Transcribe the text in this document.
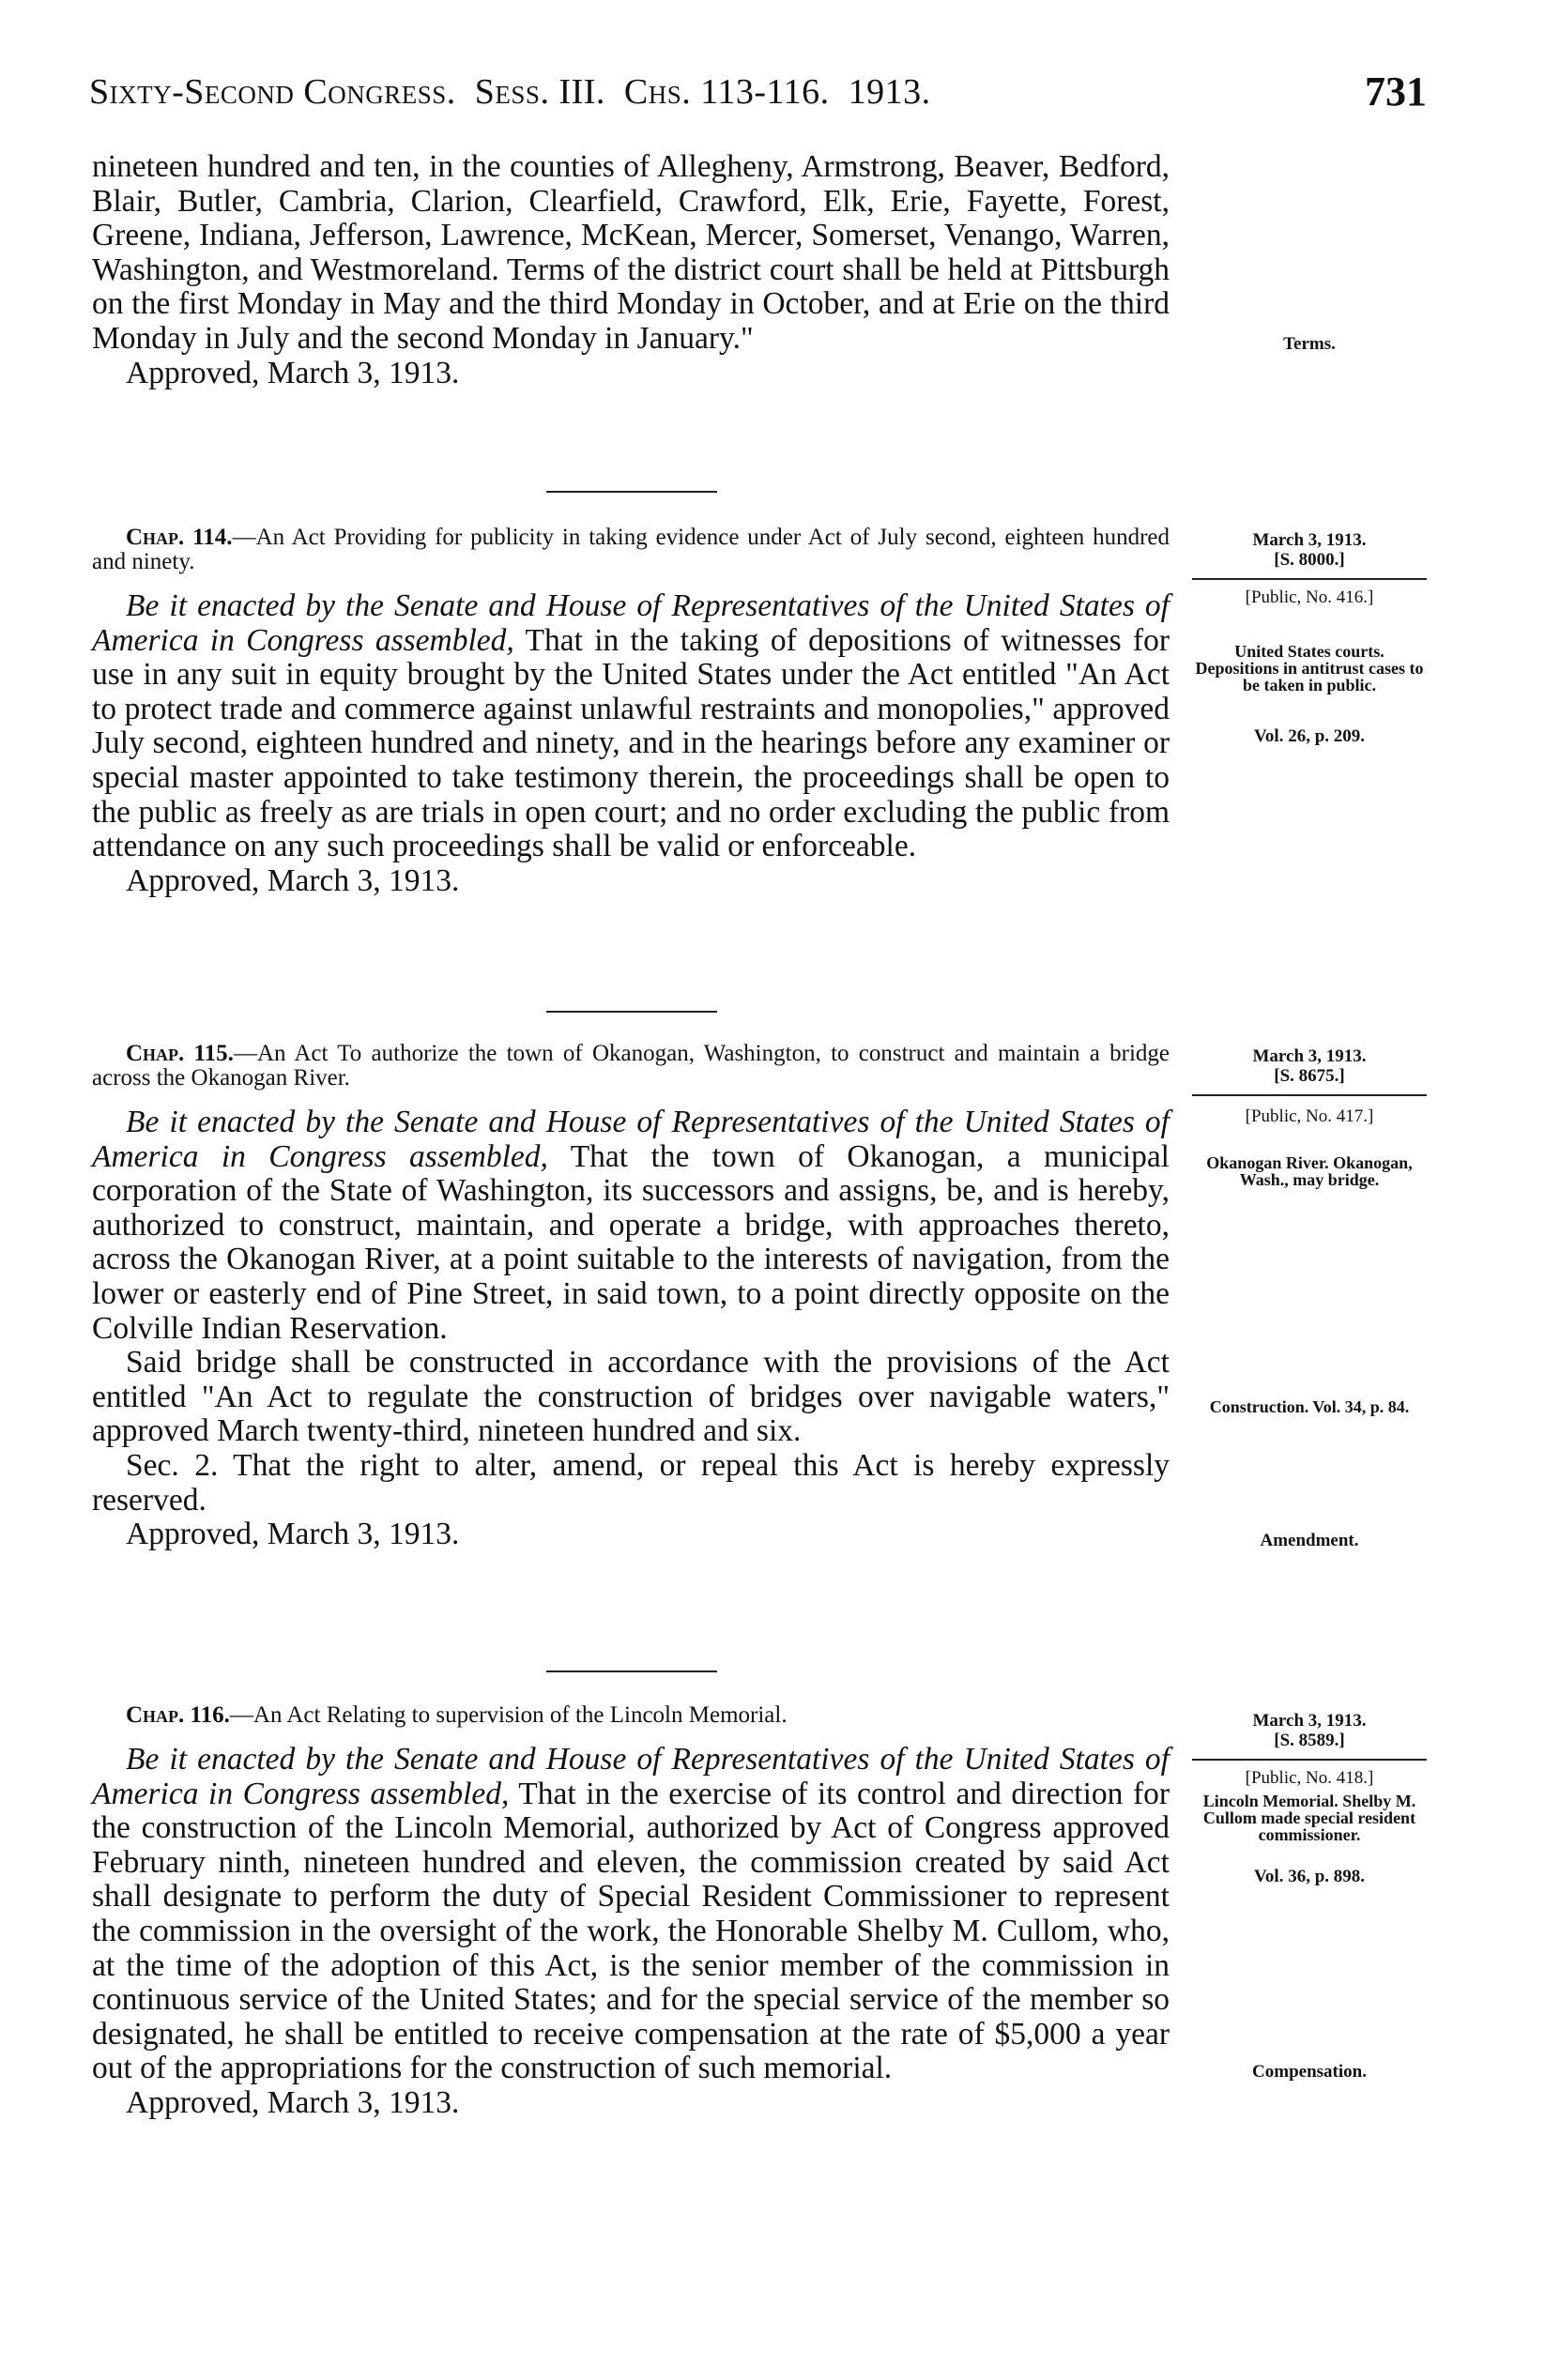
Sixty-Second Congress. Sess. III. Chs. 113-116. 1913.	731

nineteen hundred and ten, in the counties of Allegheny, Armstrong, Beaver, Bedford, Blair, Butler, Cambria, Clarion, Clearfield, Crawford, Elk, Erie, Fayette, Forest, Greene, Indiana, Jefferson, Lawrence, McKean, Mercer, Somerset, Venango, Warren, Washington, and Westmoreland. Terms of the district court shall be held at Pittsburgh on the first Monday in May and the third Monday in October, and at Erie on the third Monday in July and the second Monday in January."

Approved, March 3, 1913.

Terms.

Chap. 114.—An Act Providing for publicity in taking evidence under Act of July second, eighteen hundred and ninety.

Be it enacted by the Senate and House of Representatives of the United States of America in Congress assembled, That in the taking of depositions of witnesses for use in any suit in equity brought by the United States under the Act entitled "An Act to protect trade and commerce against unlawful restraints and monopolies," approved July second, eighteen hundred and ninety, and in the hearings before any examiner or special master appointed to take testimony therein, the proceedings shall be open to the public as freely as are trials in open court; and no order excluding the public from attendance on any such proceedings shall be valid or enforceable.

Approved, March 3, 1913.

March 3, 1913.
[S. 8000.]
[Public, No. 416.]
United States courts. Depositions in antitrust cases to be taken in public.
Vol. 26, p. 209.

Chap. 115.—An Act To authorize the town of Okanogan, Washington, to construct and maintain a bridge across the Okanogan River.

Be it enacted by the Senate and House of Representatives of the United States of America in Congress assembled, That the town of Okanogan, a municipal corporation of the State of Washington, its successors and assigns, be, and is hereby, authorized to construct, maintain, and operate a bridge, with approaches thereto, across the Okanogan River, at a point suitable to the interests of navigation, from the lower or easterly end of Pine Street, in said town, to a point directly opposite on the Colville Indian Reservation.

Said bridge shall be constructed in accordance with the provisions of the Act entitled "An Act to regulate the construction of bridges over navigable waters," approved March twenty-third, nineteen hundred and six.

Sec. 2. That the right to alter, amend, or repeal this Act is hereby expressly reserved.

Approved, March 3, 1913.

March 3, 1913.
[S. 8675.]
[Public, No. 417.]
Okanogan River. Okanogan, Wash., may bridge.
Construction. Vol. 34, p. 84.
Amendment.

Chap. 116.—An Act Relating to supervision of the Lincoln Memorial.

Be it enacted by the Senate and House of Representatives of the United States of America in Congress assembled, That in the exercise of its control and direction for the construction of the Lincoln Memorial, authorized by Act of Congress approved February ninth, nineteen hundred and eleven, the commission created by said Act shall designate to perform the duty of Special Resident Commissioner to represent the commission in the oversight of the work, the Honorable Shelby M. Cullom, who, at the time of the adoption of this Act, is the senior member of the commission in continuous service of the United States; and for the special service of the member so designated, he shall be entitled to receive compensation at the rate of $5,000 a year out of the appropriations for the construction of such memorial.

Approved, March 3, 1913.

March 3, 1913.
[S. 8589.]
[Public, No. 418.]
Lincoln Memorial. Shelby M. Cullom made special resident commissioner.
Vol. 36, p. 898.
Compensation.
